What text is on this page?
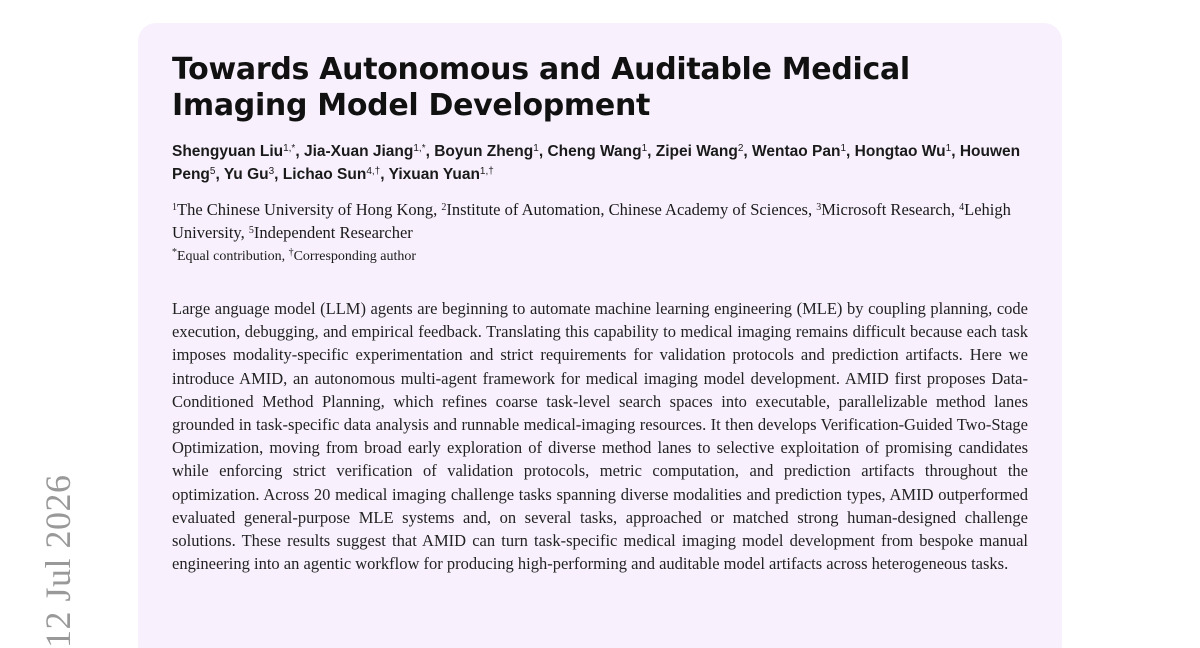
12 Jul 2026
Towards Autonomous and Auditable Medical Imaging Model Development
Shengyuan Liu$^{1,*}$, Jia-Xuan Jiang$^{1,*}$, Boyun Zheng$^1$, Cheng Wang$^1$, Zipei Wang$^2$, Wentao Pan$^1$, Hongtao Wu$^1$, Houwen Peng$^5$, Yu Gu$^3$, Lichao Sun$^{4,\dagger}$, Yixuan Yuan$^{1,\dagger}$
$^1$The Chinese University of Hong Kong, $^2$Institute of Automation, Chinese Academy of Sciences, $^3$Microsoft Research, $^4$Lehigh University, $^5$Independent Researcher
*Equal contribution, †Corresponding author

Large anguage model (LLM) agents are beginning to automate machine learning engineering (MLE) by coupling planning, code execution, debugging, and empirical feedback. Translating this capability to medical imaging remains difficult because each task imposes modality-specific experimentation and strict requirements for validation protocols and prediction artifacts. Here we introduce AMID, an autonomous multi-agent framework for medical imaging model development. AMID first proposes Data-Conditioned Method Planning, which refines coarse task-level search spaces into executable, parallelizable method lanes grounded in task-specific data analysis and runnable medical-imaging resources. It then develops Verification-Guided Two-Stage Optimization, moving from broad early exploration of diverse method lanes to selective exploitation of promising candidates while enforcing strict verification of validation protocols, metric computation, and prediction artifacts throughout the optimization. Across 20 medical imaging challenge tasks spanning diverse modalities and prediction types, AMID outperformed evaluated general-purpose MLE systems and, on several tasks, approached or matched strong human-designed challenge solutions. These results suggest that AMID can turn task-specific medical imaging model development from bespoke manual engineering into an agentic workflow for producing high-performing and auditable model artifacts across heterogeneous tasks.
